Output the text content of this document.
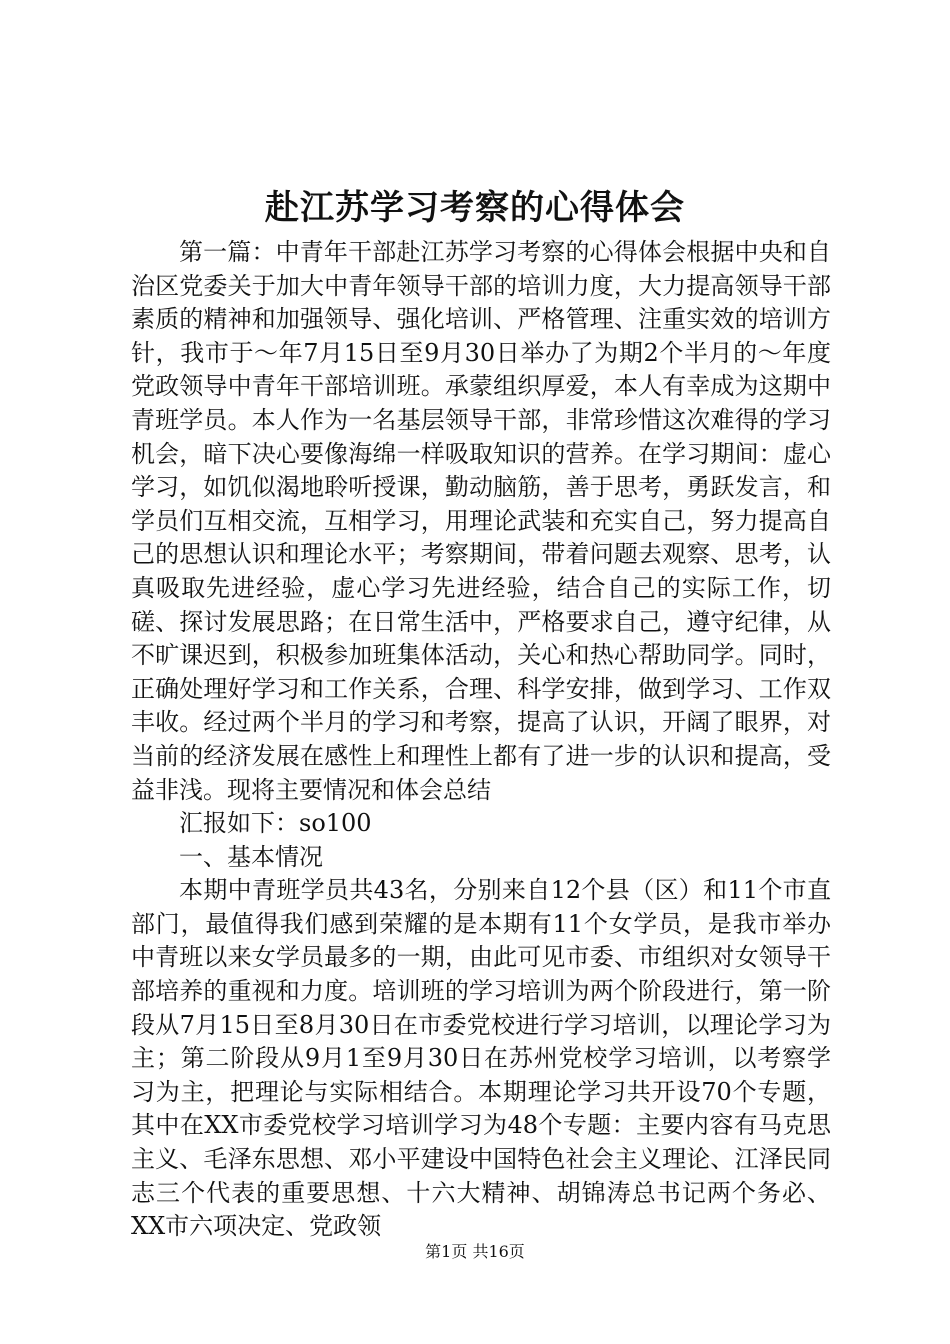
赴江苏学习考察的心得体会

第一篇：中青年干部赴江苏学习考察的心得体会根据中央和自治区党委关于加大中青年领导干部的培训力度，大力提高领导干部素质的精神和加强领导、强化培训、严格管理、注重实效的培训方针，我市于～年7月15日至9月30日举办了为期2个半月的～年度党政领导中青年干部培训班。承蒙组织厚爱，本人有幸成为这期中青班学员。本人作为一名基层领导干部，非常珍惜这次难得的学习机会，暗下决心要像海绵一样吸取知识的营养。在学习期间：虚心学习，如饥似渴地聆听授课，勤动脑筋，善于思考，勇跃发言，和学员们互相交流，互相学习，用理论武装和充实自己，努力提高自己的思想认识和理论水平；考察期间，带着问题去观察、思考，认真吸取先进经验，虚心学习先进经验，结合自己的实际工作，切磋、探讨发展思路；在日常生活中，严格要求自己，遵守纪律，从不旷课迟到，积极参加班集体活动，关心和热心帮助同学。同时，正确处理好学习和工作关系，合理、科学安排，做到学习、工作双丰收。经过两个半月的学习和考察，提高了认识，开阔了眼界，对当前的经济发展在感性上和理性上都有了进一步的认识和提高，受益非浅。现将主要情况和体会总结

汇报如下：so100

一、基本情况

本期中青班学员共43名，分别来自12个县（区）和11个市直部门，最值得我们感到荣耀的是本期有11个女学员，是我市举办中青班以来女学员最多的一期，由此可见市委、市组织对女领导干部培养的重视和力度。培训班的学习培训为两个阶段进行，第一阶段从7月15日至8月30日在市委党校进行学习培训，以理论学习为主；第二阶段从9月1至9月30日在苏州党校学习培训，以考察学习为主，把理论与实际相结合。本期理论学习共开设70个专题，其中在XX市委党校学习培训学习为48个专题：主要内容有马克思主义、毛泽东思想、邓小平建设中国特色社会主义理论、江泽民同志三个代表的重要思想、十六大精神、胡锦涛总书记两个务必、XX市六项决定、党政领

第1页 共16页
